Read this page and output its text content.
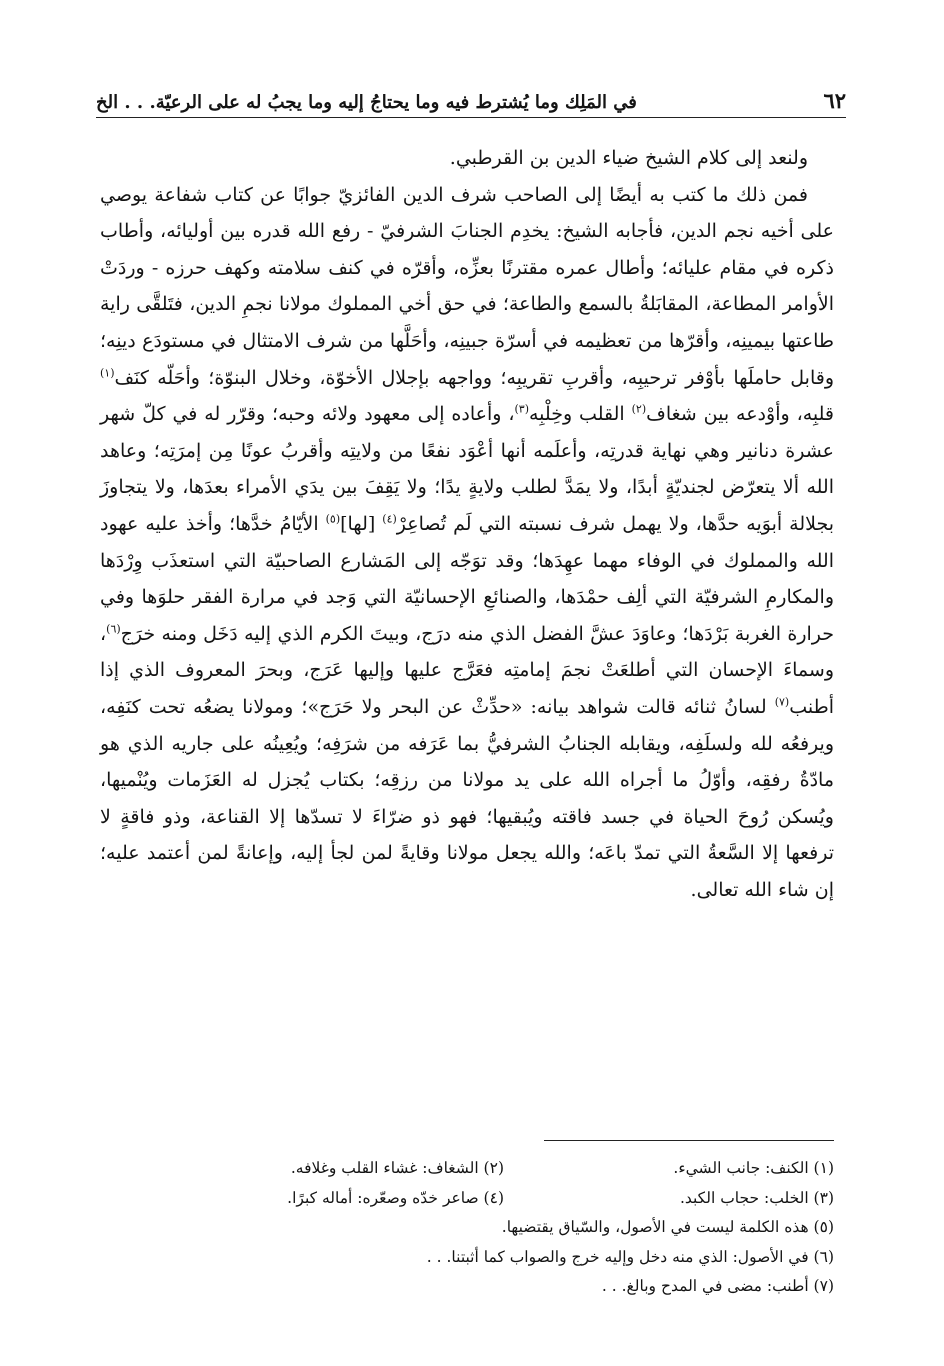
٦٢
في المَلِك وما يُشترط فيه وما يحتاجُ إليه وما يجبُ له على الرعيّة. . . الخ

ولنعد إلى كلام الشيخ ضياء الدين بن القرطبي.

فمن ذلك ما كتب به أيضًا إلى الصاحب شرف الدين الفائزيّ جوابًا عن كتاب شفاعة يوصي على أخيه نجم الدين، فأجابه الشيخ: يخدِم الجنابَ الشرفيّ - رفع الله قدره بين أوليائه، وأطاب ذكره في مقام عليائه؛ وأطال عمره مقترنًا بعزِّه، وأقرّه في كنف سلامته وكهف حرزه - وردَتْ الأوامر المطاعة، المقابَلةُ بالسمع والطاعة؛ في حق أخي المملوك مولانا نجمِ الدين، فتَلقَّى راية طاعتها بيمينِه، وأقرّها من تعظيمه في أسرّة جبينِه، وأحَلَّها من شرف الامتثال في مستودَع دينِه؛ وقابل حاملَها بأوْفر ترحيبِه، وأقربِ تقريبِه؛ وواجهه بإجلال الأخوّة، وخلال البنوّة؛ وأحَلّه كنَف$^{(١)}$ قلبِه، وأوْدعه بين شغاف$^{(٢)}$ القلب وخِلْبِه$^{(٣)}$، وأعاده إلى معهود ولائه وحبه؛ وقرّر له في كلّ شهر عشرة دنانير وهي نهاية قدرتِه، وأعلَمه أنها أعْوَد نفعًا من ولايتِه وأقربُ عونًا مِن إمرَتِه؛ وعاهد الله ألا يتعرّض لجنديّةٍ أبدًا، ولا يمَدَّ لطلب ولايةٍ يدًا؛ ولا يَقِفَ بين يدَي الأمراء بعدَها، ولا يتجاوزَ بجلالة أبوَيه حدَّها، ولا يهمل شرف نسبته التي لَم تُصاعِرْ$^{(٤)}$ [لها]$^{(٥)}$ الأيّامُ خدَّها؛ وأخذ عليه عهود الله والمملوك في الوفاء مهما عهِدَها؛ وقد توَجّه إلى المَشارع الصاحبيّة التي استعذَب وِرْدَها والمكارمِ الشرفيّة التي ألِف حمْدَها، والصنائعِ الإحسانيّة التي وَجد في مرارة الفقر حلوَها وفي حرارة الغربة بَرْدَها؛ وعاوَدَ عشَّ الفضل الذي منه درَج، وبيتَ الكرم الذي إليه دَخَل ومنه خرَج$^{(٦)}$، وسماءَ الإحسان التي أطلعَتْ نجمَ إمامتِه فعَرَّج عليها وإليها عَرَج، وبحرَ المعروف الذي إذا أطنب$^{(٧)}$ لسانُ ثنائه قالت شواهد بيانه: «حدِّثْ عن البحر ولا حَرَج»؛ ومولانا يضعُه تحت كنَفِه، ويرفعُه لله ولسلَفِه، ويقابله الجنابُ الشرفيُّ بما عَرَفه من شرَفِه؛ ويُعِينُه على جاريه الذي هو مادّةُ رفقِه، وأوّلُ ما أجراه الله على يد مولانا من رزقِه؛ بكتاب يُجزل له العَزَمات ويُنْميها، ويُسكن رُوحَ الحياة في جسد فاقته ويُبقيها؛ فهو ذو ضرّاءَ لا تسدّها إلا القناعة، وذو فاقةٍ لا ترفعها إلا السَّعةُ التي تمدّ باعَه؛ والله يجعل مولانا وقايةً لمن لجأ إليه، وإعانةً لمن أعتمد عليه؛ إن شاء الله تعالى.

(١) الكنف: جانب الشيء.
(٢) الشغاف: غشاء القلب وغلافه.
(٣) الخلب: حجاب الكبد.
(٤) صاعر خدّه وصعّره: أماله كبرًا.
(٥) هذه الكلمة ليست في الأصول، والسّياق يقتضيها.
(٦) في الأصول: الذي منه دخل وإليه خرج والصواب كما أثبتنا. . .
(٧) أطنب: مضى في المدح وبالغ. . .
